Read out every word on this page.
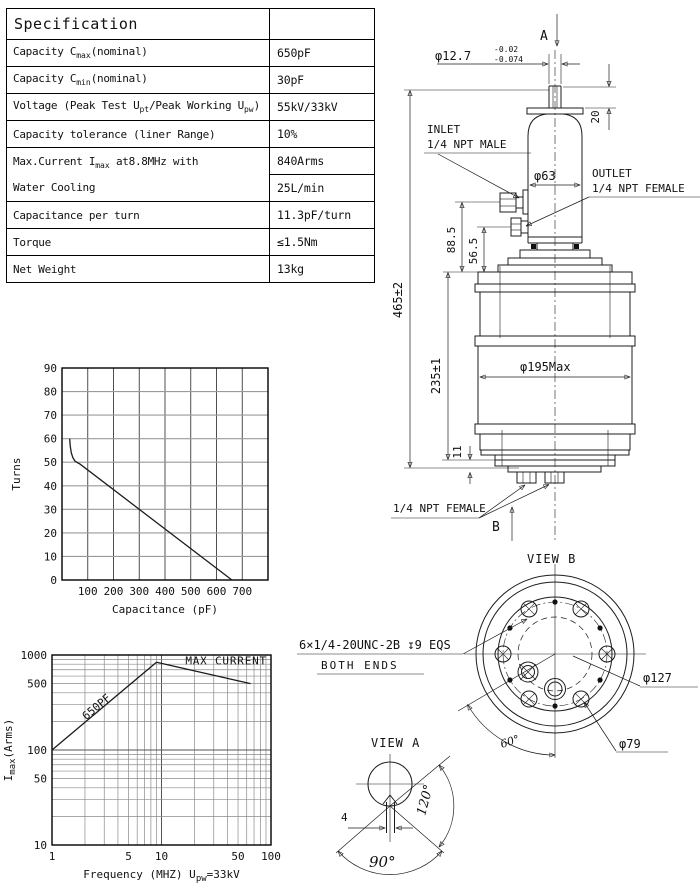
Specification	
Capacity $C_{max}(nominal)$	650pF
Capacity $C_{min}(nominal)$	30pF
Voltage (Peak Test $U_{pt}$/Peak Working $U_{pw}$)	55kV/33kV
Capacity tolerance (liner Range)	10%

Max.Current $I_{max}$ at8.8MHz with
Water Cooling	840Arms
	25L/min
Capacitance per turn	11.3pF/turn
Torque	≤1.5Nm
Net Weight	13kg
100 200 300 400 500 600 700
0
10
20
30
40
50
60
70
80
90
Capacitance (pF)
Turns
1	5 10	50 100
10
50
100
500
1000
Frequency (MHZ) $U_{pw}=33kV$
$I_{max}(Arms)$
650PF
MAX CURRENT
A
φ12.7	-0.02
-0.074
20
φ63
88.5 56.5
465±2
235±1
11
φ195Max
1/4 NPT FEMALE
B
INLET
1/4 NPT MALE
OUTLET
1/4 NPT FEMALE
VIEW B
60°
φ127
φ79
6×1/4-20UNC-2B ↧9 EQS
BOTH ENDS
VIEW A
4
120°
90°
